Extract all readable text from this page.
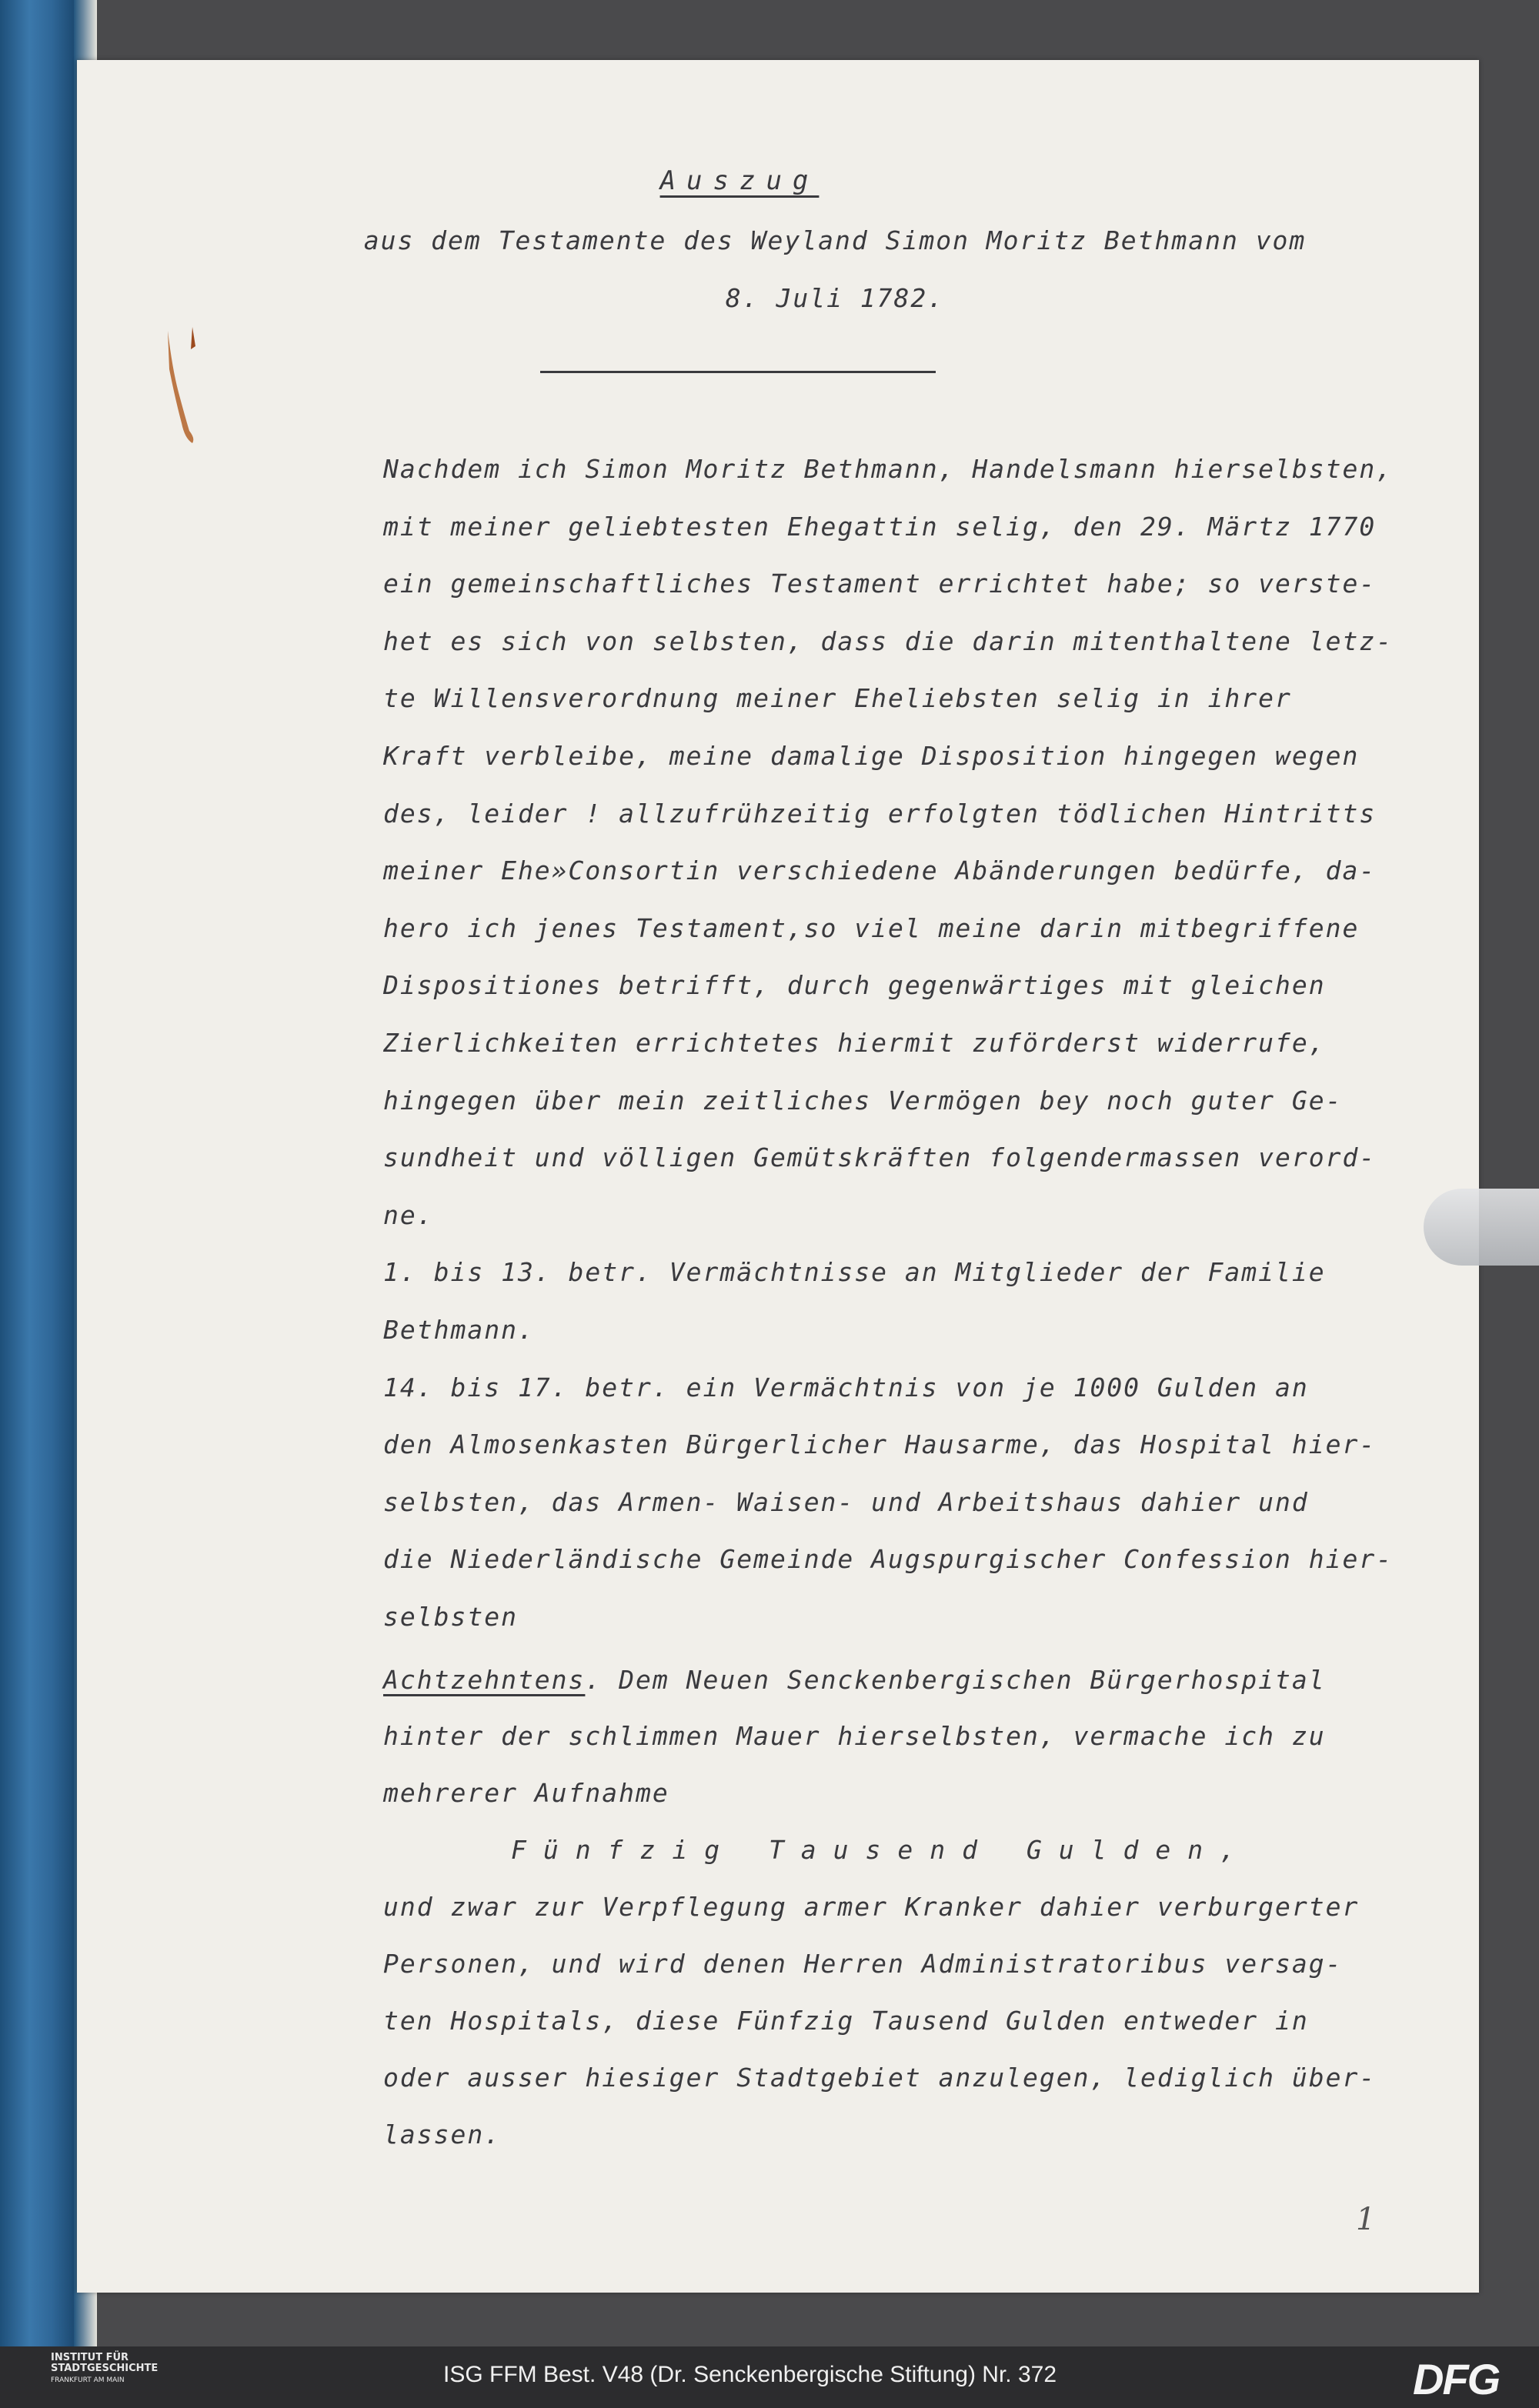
Auszug
aus dem Testamente des Weyland Simon Moritz Bethmann vom
8. Juli 1782.
Nachdem ich Simon Moritz Bethmann, Handelsmann hierselbsten,
mit meiner geliebtesten Ehegattin selig, den 29. Märtz 1770
ein gemeinschaftliches Testament errichtet habe; so verste-
het es sich von selbsten, dass die darin mitenthaltene letz-
te Willensverordnung meiner Eheliebsten selig in ihrer
Kraft verbleibe, meine damalige Disposition hingegen wegen
des, leider ! allzufrühzeitig erfolgten tödlichen Hintritts
meiner Ehe»Consortin verschiedene Abänderungen bedürfe, da-
hero ich jenes Testament,so viel meine darin mitbegriffene
Dispositiones betrifft, durch gegenwärtiges mit gleichen
Zierlichkeiten errichtetes hiermit zuförderst widerrufe,
hingegen über mein zeitliches Vermögen bey noch guter Ge-
sundheit und völligen Gemütskräften folgendermassen verord-
ne.
1. bis 13. betr. Vermächtnisse an Mitglieder der Familie
Bethmann.
14. bis 17. betr. ein Vermächtnis von je 1000 Gulden an
den Almosenkasten Bürgerlicher Hausarme, das Hospital hier-
selbsten, das Armen- Waisen- und Arbeitshaus dahier und
die Niederländische Gemeinde Augspurgischer Confession hier-
selbsten
Achtzehntens. Dem Neuen Senckenbergischen Bürgerhospital
hinter der schlimmen Mauer hierselbsten, vermache ich zu
mehrerer Aufnahme
Fünfzig Tausend Gulden,
und zwar zur Verpflegung armer Kranker dahier verburgerter
Personen, und wird denen Herren Administratoribus versag-
ten Hospitals, diese Fünfzig Tausend Gulden entweder in
oder ausser hiesiger Stadtgebiet anzulegen, lediglich über-
lassen.
1
INSTITUT FÜR
STADTGESCHICHTE
FRANKFURT AM MAIN	ISG FFM Best. V48 (Dr. Senckenbergische Stiftung) Nr. 372	DFG
